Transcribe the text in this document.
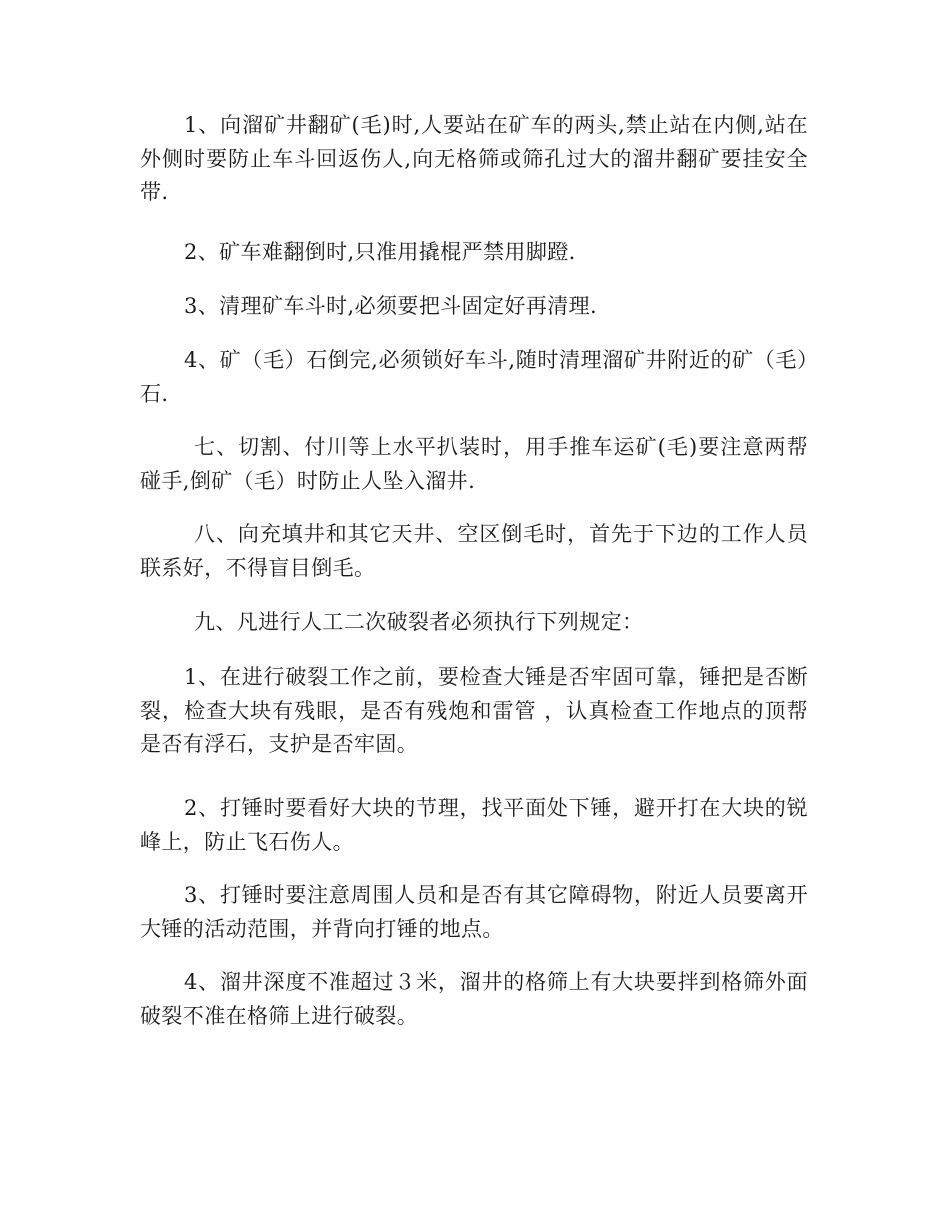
1、向溜矿井翻矿(毛)时,人要站在矿车的两头,禁止站在内侧,站在外侧时要防止车斗回返伤人,向无格筛或筛孔过大的溜井翻矿要挂安全带.

2、矿车难翻倒时,只准用撬棍严禁用脚蹬.

3、清理矿车斗时,必须要把斗固定好再清理.

4、矿（毛）石倒完,必须锁好车斗,随时清理溜矿井附近的矿（毛）石.

七、切割、付川等上水平扒装时，用手推车运矿(毛)要注意两帮碰手,倒矿（毛）时防止人坠入溜井.

八、向充填井和其它天井、空区倒毛时，首先于下边的工作人员联系好，不得盲目倒毛。

九、凡进行人工二次破裂者必须执行下列规定：

1、在进行破裂工作之前，要检查大锤是否牢固可靠，锤把是否断裂，检查大块有残眼，是否有残炮和雷管 ，认真检查工作地点的顶帮是否有浮石，支护是否牢固。

2、打锤时要看好大块的节理，找平面处下锤，避开打在大块的锐峰上，防止飞石伤人。

3、打锤时要注意周围人员和是否有其它障碍物，附近人员要离开大锤的活动范围，并背向打锤的地点。

4、溜井深度不准超过３米，溜井的格筛上有大块要拌到格筛外面破裂不准在格筛上进行破裂。
